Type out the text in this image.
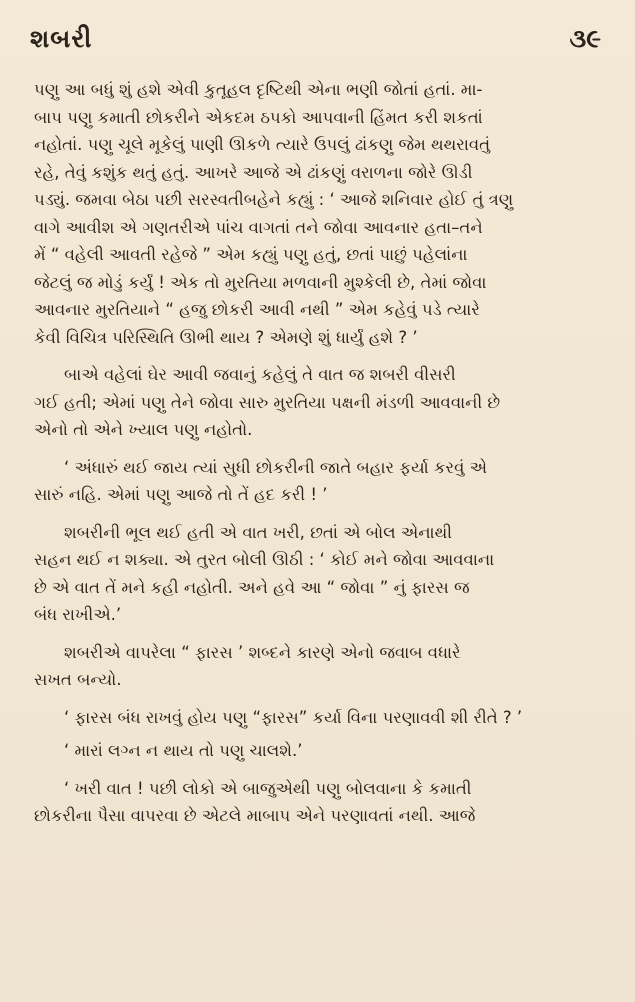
શબરી	૩૯

પણુ આ બધું શું હશે એવી કુતૂહલ દૃષ્ટિથી એના ભણી જોતાં હતાં. મા-
બાપ પણુ કમાતી છોકરીને એકદમ ઠપકો આપવાની હિંમત કરી શકતાં
નહોતાં. પણુ ચૂલે મૂકેલું પાણી ઊકળે ત્યારે ઉપલું ઢાંકણુ જેમ થથરાવતું
રહે, તેવું કશુંક થતું હતું. આખરે આજે એ ઢાંકણું વરાળના જોરે ઊડી
પડ્યું. જમવા બેઠા પછી સરસ્વતીબહેને કહ્યું : ‘ આજે શનિવાર હોઈ તું ત્રણુ
વાગે આવીશ એ ગણતરીએ પાંચ વાગતાં તને જોવા આવનાર હતા–તને
મેં “ વહેલી આવતી રહેજે ” એમ કહ્યું પણુ હતું, છતાં પાછું પહેલાંના
જેટલું જ મોડું કર્યું ! એક તો મુરતિયા મળવાની મુશ્કેલી છે, તેમાં જોવા
આવનાર મુરતિયાને “ હજુ છોકરી આવી નથી ” એમ કહેવું પડે ત્યારે
કેવી વિચિત્ર પરિસ્થિતિ ઊભી થાય ? એમણે શું ધાર્યું હશે ? ’

બાએ વહેલાં ઘેર આવી જવાનું કહેલું તે વાત જ શબરી વીસરી
ગઈ હતી; એમાં પણુ તેને જોવા સારુ મુરતિયા પક્ષની મંડળી આવવાની છે
એનો તો એને ખ્યાલ પણુ નહોતો.

‘ અંધારું થઈ જાય ત્યાં સુધી છોકરીની જાતે બહાર ફર્યા કરવું એ
સારું નહિ. એમાં પણુ આજે તો તેં હદ કરી ! ’

શબરીની ભૂલ થઈ હતી એ વાત ખરી, છતાં એ બોલ એનાથી
સહન થઈ ન શક્યા. એ તુરત બોલી ઊઠી : ‘ કોઈ મને જોવા આવવાના
છે એ વાત તેં મને કહી નહોતી. અને હવે આ “ જોવા ” નું ફારસ જ
બંધ રાખીએ.’

શબરીએ વાપરેલા “ ફારસ ’ શબ્દને કારણે એનો જવાબ વધારે
સખત બન્યો.

‘ ફારસ બંધ રાખવું હોય પણુ “ફારસ” કર્યા વિના પરણાવવી શી રીતે ? ’

‘ મારાં લગ્ન ન થાય તો પણુ ચાલશે.’

‘ ખરી વાત ! પછી લોકો એ બાજુએથી પણુ બોલવાના કે કમાતી
છોકરીના પૈસા વાપરવા છે એટલે માબાપ એને પરણાવતાં નથી. આજે
